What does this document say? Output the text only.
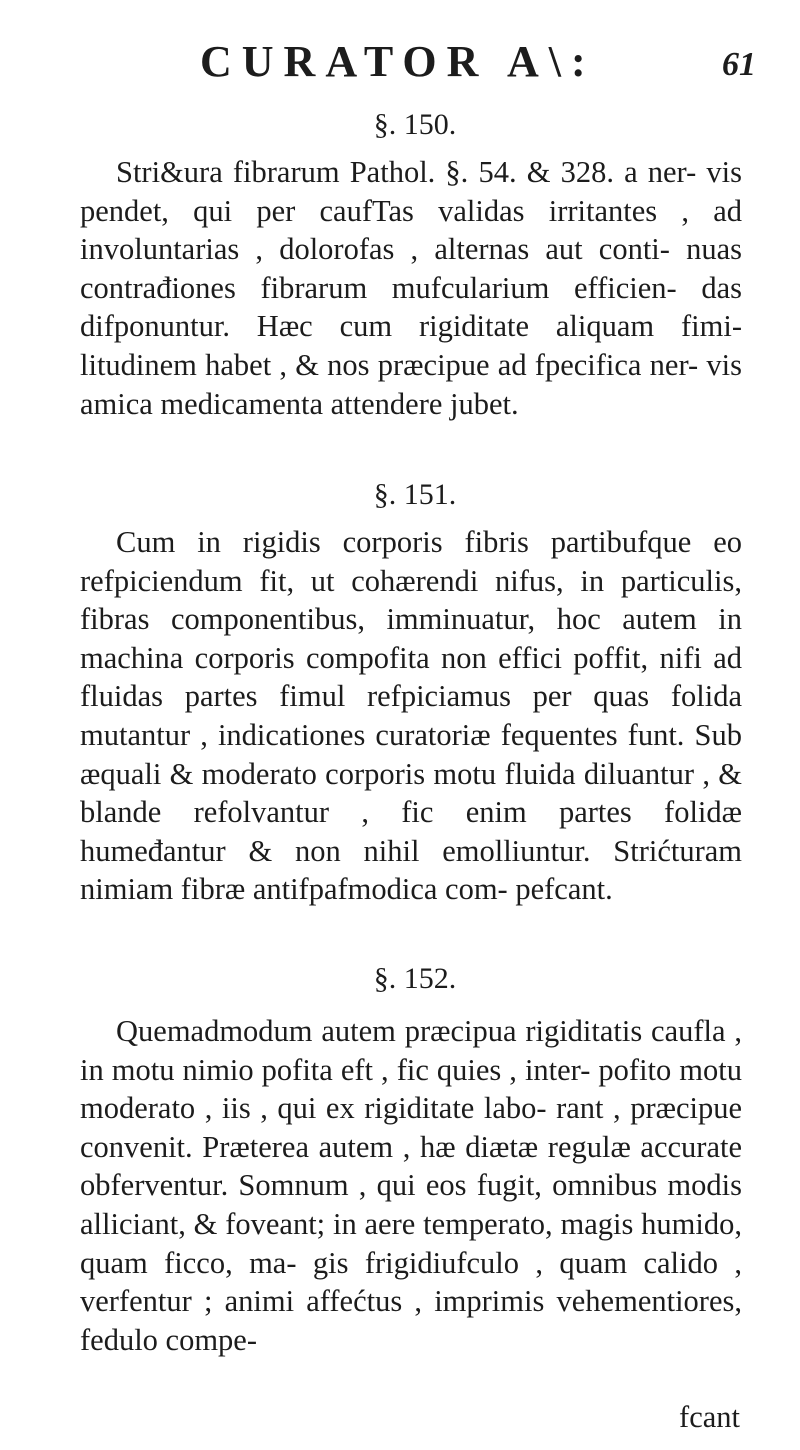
CURATOR A\:	61
§. 150.

Stri&ura fibrarum Pathol. §. 54. & 328. a ner- vis pendet, qui per caufTas validas irritantes , ad involuntarias , dolorofas , alternas aut conti- nuas contrađiones fibrarum mufcularium efficien- das difponuntur. Hæc cum rigiditate aliquam fimi- litudinem habet , & nos præcipue ad fpecifica ner- vis amica medicamenta attendere jubet.

§. 151.

Cum in rigidis corporis fibris partibufque eo refpiciendum fit, ut cohærendi nifus, in particulis, fibras componentibus, imminuatur, hoc autem in machina corporis compofita non effici poffit, nifi ad fluidas partes fimul refpiciamus per quas folida mutantur , indicationes curatoriæ fequentes funt. Sub æquali & moderato corporis motu fluida diluantur , & blande refolvantur , fic enim partes folidæ humeđantur & non nihil emolliuntur. Strićturam nimiam fibræ antifpafmodica com- pefcant.

§. 152.

Quemadmodum autem præcipua rigiditatis caufla , in motu nimio pofita eft , fic quies , inter- pofito motu moderato , iis , qui ex rigiditate labo- rant , præcipue convenit. Præterea autem , hæ diætæ regulæ accurate obferventur. Somnum , qui eos fugit, omnibus modis alliciant, & foveant; in aere temperato, magis humido, quam ficco, ma- gis frigidiufculo , quam calido , verfentur ; animi affećtus , imprimis vehementiores, fedulo compe-

fcant
